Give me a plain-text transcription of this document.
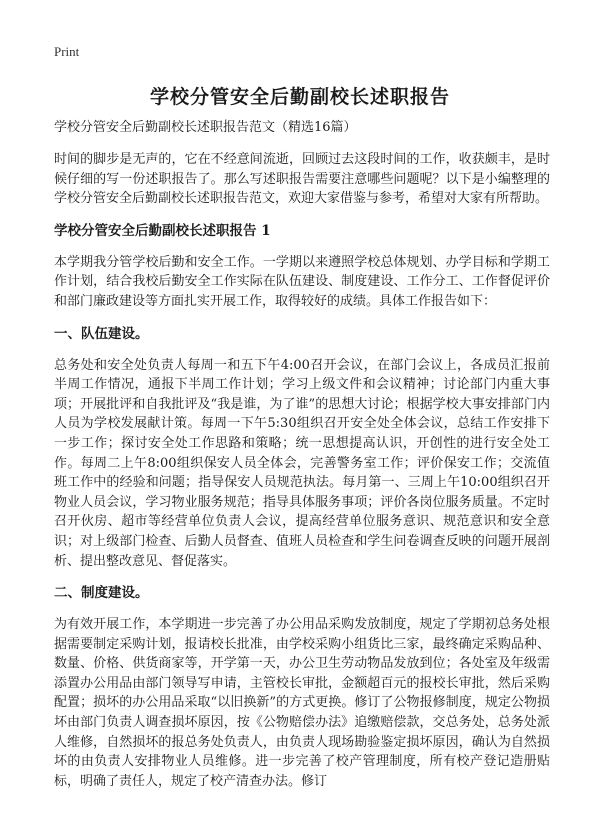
Print
学校分管安全后勤副校长述职报告

学校分管安全后勤副校长述职报告范文（精选16篇）

时间的脚步是无声的，它在不经意间流逝，回顾过去这段时间的工作，收获颇丰，是时候仔细的写一份述职报告了。那么写述职报告需要注意哪些问题呢？以下是小编整理的学校分管安全后勤副校长述职报告范文，欢迎大家借鉴与参考，希望对大家有所帮助。

学校分管安全后勤副校长述职报告 1

本学期我分管学校后勤和安全工作。一学期以来遵照学校总体规划、办学目标和学期工作计划，结合我校后勤安全工作实际在队伍建设、制度建设、工作分工、工作督促评价和部门廉政建设等方面扎实开展工作，取得较好的成绩。具体工作报告如下：

一、队伍建设。

总务处和安全处负责人每周一和五下午4:00召开会议，在部门会议上，各成员汇报前半周工作情况，通报下半周工作计划；学习上级文件和会议精神；讨论部门内重大事项；开展批评和自我批评及“我是谁，为了谁”的思想大讨论；根据学校大事安排部门内人员为学校发展献计策。每周一下午5:30组织召开安全处全体会议，总结工作安排下一步工作；探讨安全处工作思路和策略；统一思想提高认识，开创性的进行安全处工作。每周二上午8:00组织保安人员全体会，完善警务室工作；评价保安工作；交流值班工作中的经验和问题；指导保安人员规范执法。每月第一、三周上午10:00组织召开物业人员会议，学习物业服务规范；指导具体服务事项；评价各岗位服务质量。不定时召开伙房、超市等经营单位负责人会议，提高经营单位服务意识、规范意识和安全意识；对上级部门检查、后勤人员督查、值班人员检查和学生问卷调查反映的问题开展剖析、提出整改意见、督促落实。

二、制度建设。

为有效开展工作，本学期进一步完善了办公用品采购发放制度，规定了学期初总务处根据需要制定采购计划，报请校长批准，由学校采购小组货比三家，最终确定采购品种、数量、价格、供货商家等，开学第一天，办公卫生劳动物品发放到位；各处室及年级需添置办公用品由部门领导写申请，主管校长审批，金额超百元的报校长审批，然后采购配置；损坏的办公用品采取“以旧换新”的方式更换。修订了公物报修制度，规定公物损坏由部门负责人调查损坏原因，按《公物赔偿办法》追缴赔偿款，交总务处，总务处派人维修，自然损坏的报总务处负责人，由负责人现场勘验鉴定损坏原因，确认为自然损坏的由负责人安排物业人员维修。进一步完善了校产管理制度，所有校产登记造册贴标，明确了责任人，规定了校产清查办法。修订
